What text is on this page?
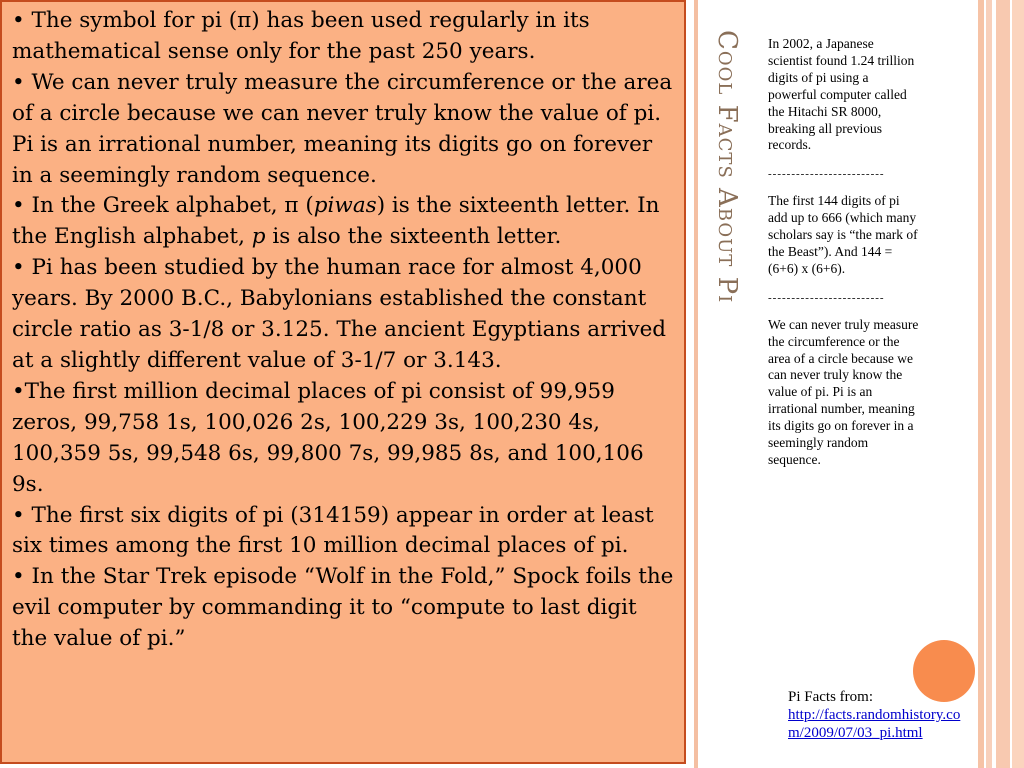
• The symbol for pi (π) has been used regularly in its mathematical sense only for the past 250 years.

• We can never truly measure the circumference or the area of a circle because we can never truly know the value of pi. Pi is an irrational number, meaning its digits go on forever in a seemingly random sequence.

• In the Greek alphabet, π (piwas) is the sixteenth letter. In the English alphabet, p is also the sixteenth letter.

• Pi has been studied by the human race for almost 4,000 years. By 2000 B.C., Babylonians established the constant circle ratio as 3-1/8 or 3.125. The ancient Egyptians arrived at a slightly different value of 3-1/7 or 3.143.

•The first million decimal places of pi consist of 99,959 zeros, 99,758 1s, 100,026 2s, 100,229 3s, 100,230 4s, 100,359 5s, 99,548 6s, 99,800 7s, 99,985 8s, and 100,106 9s.

• The first six digits of pi (314159) appear in order at least six times among the first 10 million decimal places of pi.

• In the Star Trek episode “Wolf in the Fold,” Spock foils the evil computer by commanding it to “compute to last digit the value of pi.”

Cool Facts About Pi In 2002, a Japanese scientist found 1.24 trillion digits of pi using a powerful computer called the Hitachi SR 8000, breaking all previous records.

-------------------------

The first 144 digits of pi add up to 666 (which many scholars say is “the mark of the Beast”). And 144 = (6+6) x (6+6).

-------------------------

We can never truly measure the circumference or the area of a circle because we can never truly know the value of pi. Pi is an irrational number, meaning its digits go on forever in a seemingly random sequence.

Pi Facts from:
http://facts.randomhistory.com/2009/07/03_pi.html
